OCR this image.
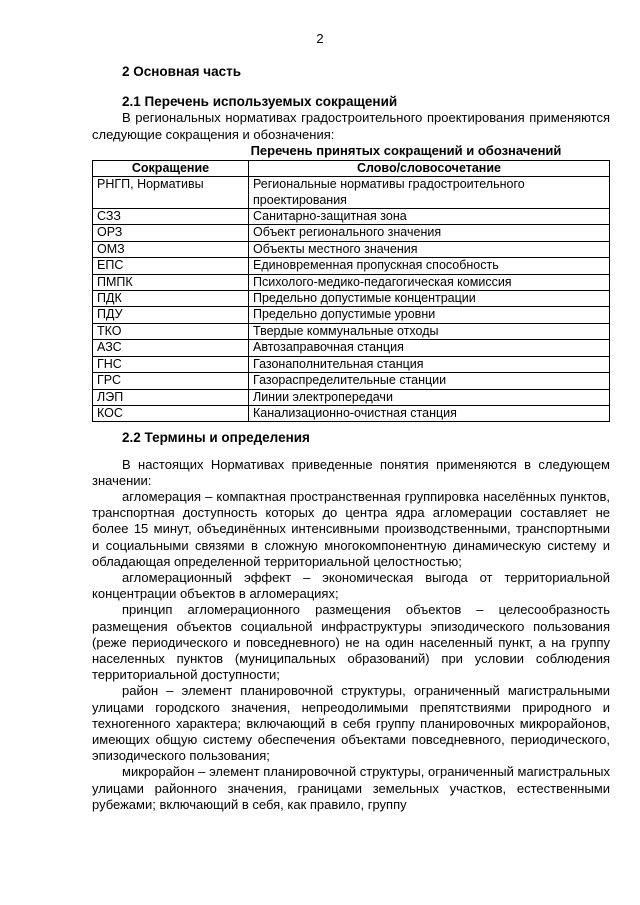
2

2 Основная часть

2.1 Перечень используемых сокращений

В региональных нормативах градостроительного проектирования применяются следующие сокращения и обозначения:

Перечень принятых сокращений и обозначений

Сокращение	Слово/словосочетание
РНГП, Нормативы	Региональные нормативы градостроительного проектирования
СЗЗ	Санитарно-защитная зона
ОРЗ	Объект регионального значения
ОМЗ	Объекты местного значения
ЕПС	Единовременная пропускная способность
ПМПК	Психолого-медико-педагогическая комиссия
ПДК	Предельно допустимые концентрации
ПДУ	Предельно допустимые уровни
ТКО	Твердые коммунальные отходы
АЗС	Автозаправочная станция
ГНС	Газонаполнительная станция
ГРС	Газораспределительные станции
ЛЭП	Линии электропередачи
КОС	Канализационно-очистная станция

2.2 Термины и определения

В настоящих Нормативах приведенные понятия применяются в следующем значении:

агломерация – компактная пространственная группировка населённых пунктов, транспортная доступность которых до центра ядра агломерации составляет не более 15 минут, объединённых интенсивными производственными, транспортными и социальными связями в сложную многокомпонентную динамическую систему и обладающая определенной территориальной целостностью;

агломерационный эффект – экономическая выгода от территориальной концентрации объектов в агломерациях;

принцип агломерационного размещения объектов – целесообразность размещения объектов социальной инфраструктуры эпизодического пользования (реже периодического и повседневного) не на один населенный пункт, а на группу населенных пунктов (муниципальных образований) при условии соблюдения территориальной доступности;

район – элемент планировочной структуры, ограниченный магистральными улицами городского значения, непреодолимыми препятствиями природного и техногенного характера; включающий в себя группу планировочных микрорайонов, имеющих общую систему обеспечения объектами повседневного, периодического, эпизодического пользования;

микрорайон – элемент планировочной структуры, ограниченный магистральных улицами районного значения, границами земельных участков, естественными рубежами; включающий в себя, как правило, группу
